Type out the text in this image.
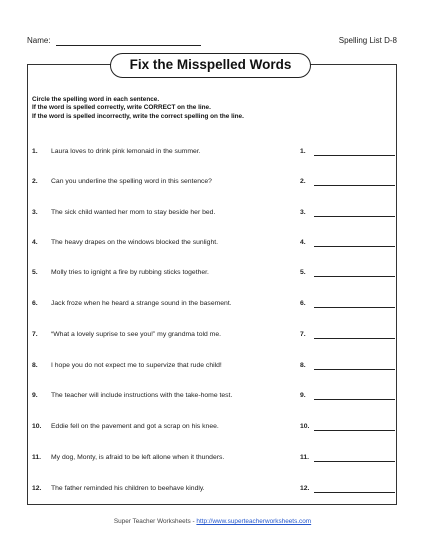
Name:	Spelling List D-8
Fix the Misspelled Words
Circle the spelling word in each sentence.
If the word is spelled correctly, write CORRECT on the line.
If the word is spelled incorrectly, write the correct spelling on the line.
1. Laura loves to drink pink lemonaid in the summer.	1.
2. Can you underline the spelling word in this sentence?	2.
3. The sick child wanted her mom to stay beside her bed.	3.
4. The heavy drapes on the windows blocked the sunlight.	4.
5. Molly tries to ignight a fire by rubbing sticks together.	5.
6. Jack froze when he heard a strange sound in the basement.	6.
7. “What a lovely suprise to see you!” my grandma told me.	7.
8. I hope you do not expect me to supervize that rude child!	8.
9. The teacher will include instructions with the take-home test.	9.
10. Eddie fell on the pavement and got a scrap on his knee.	10.
11. My dog, Monty, is afraid to be left allone when it thunders.	11.
12. The father reminded his children to beehave kindly.	12.
Super Teacher Worksheets - http://www.superteacherworksheets.com
